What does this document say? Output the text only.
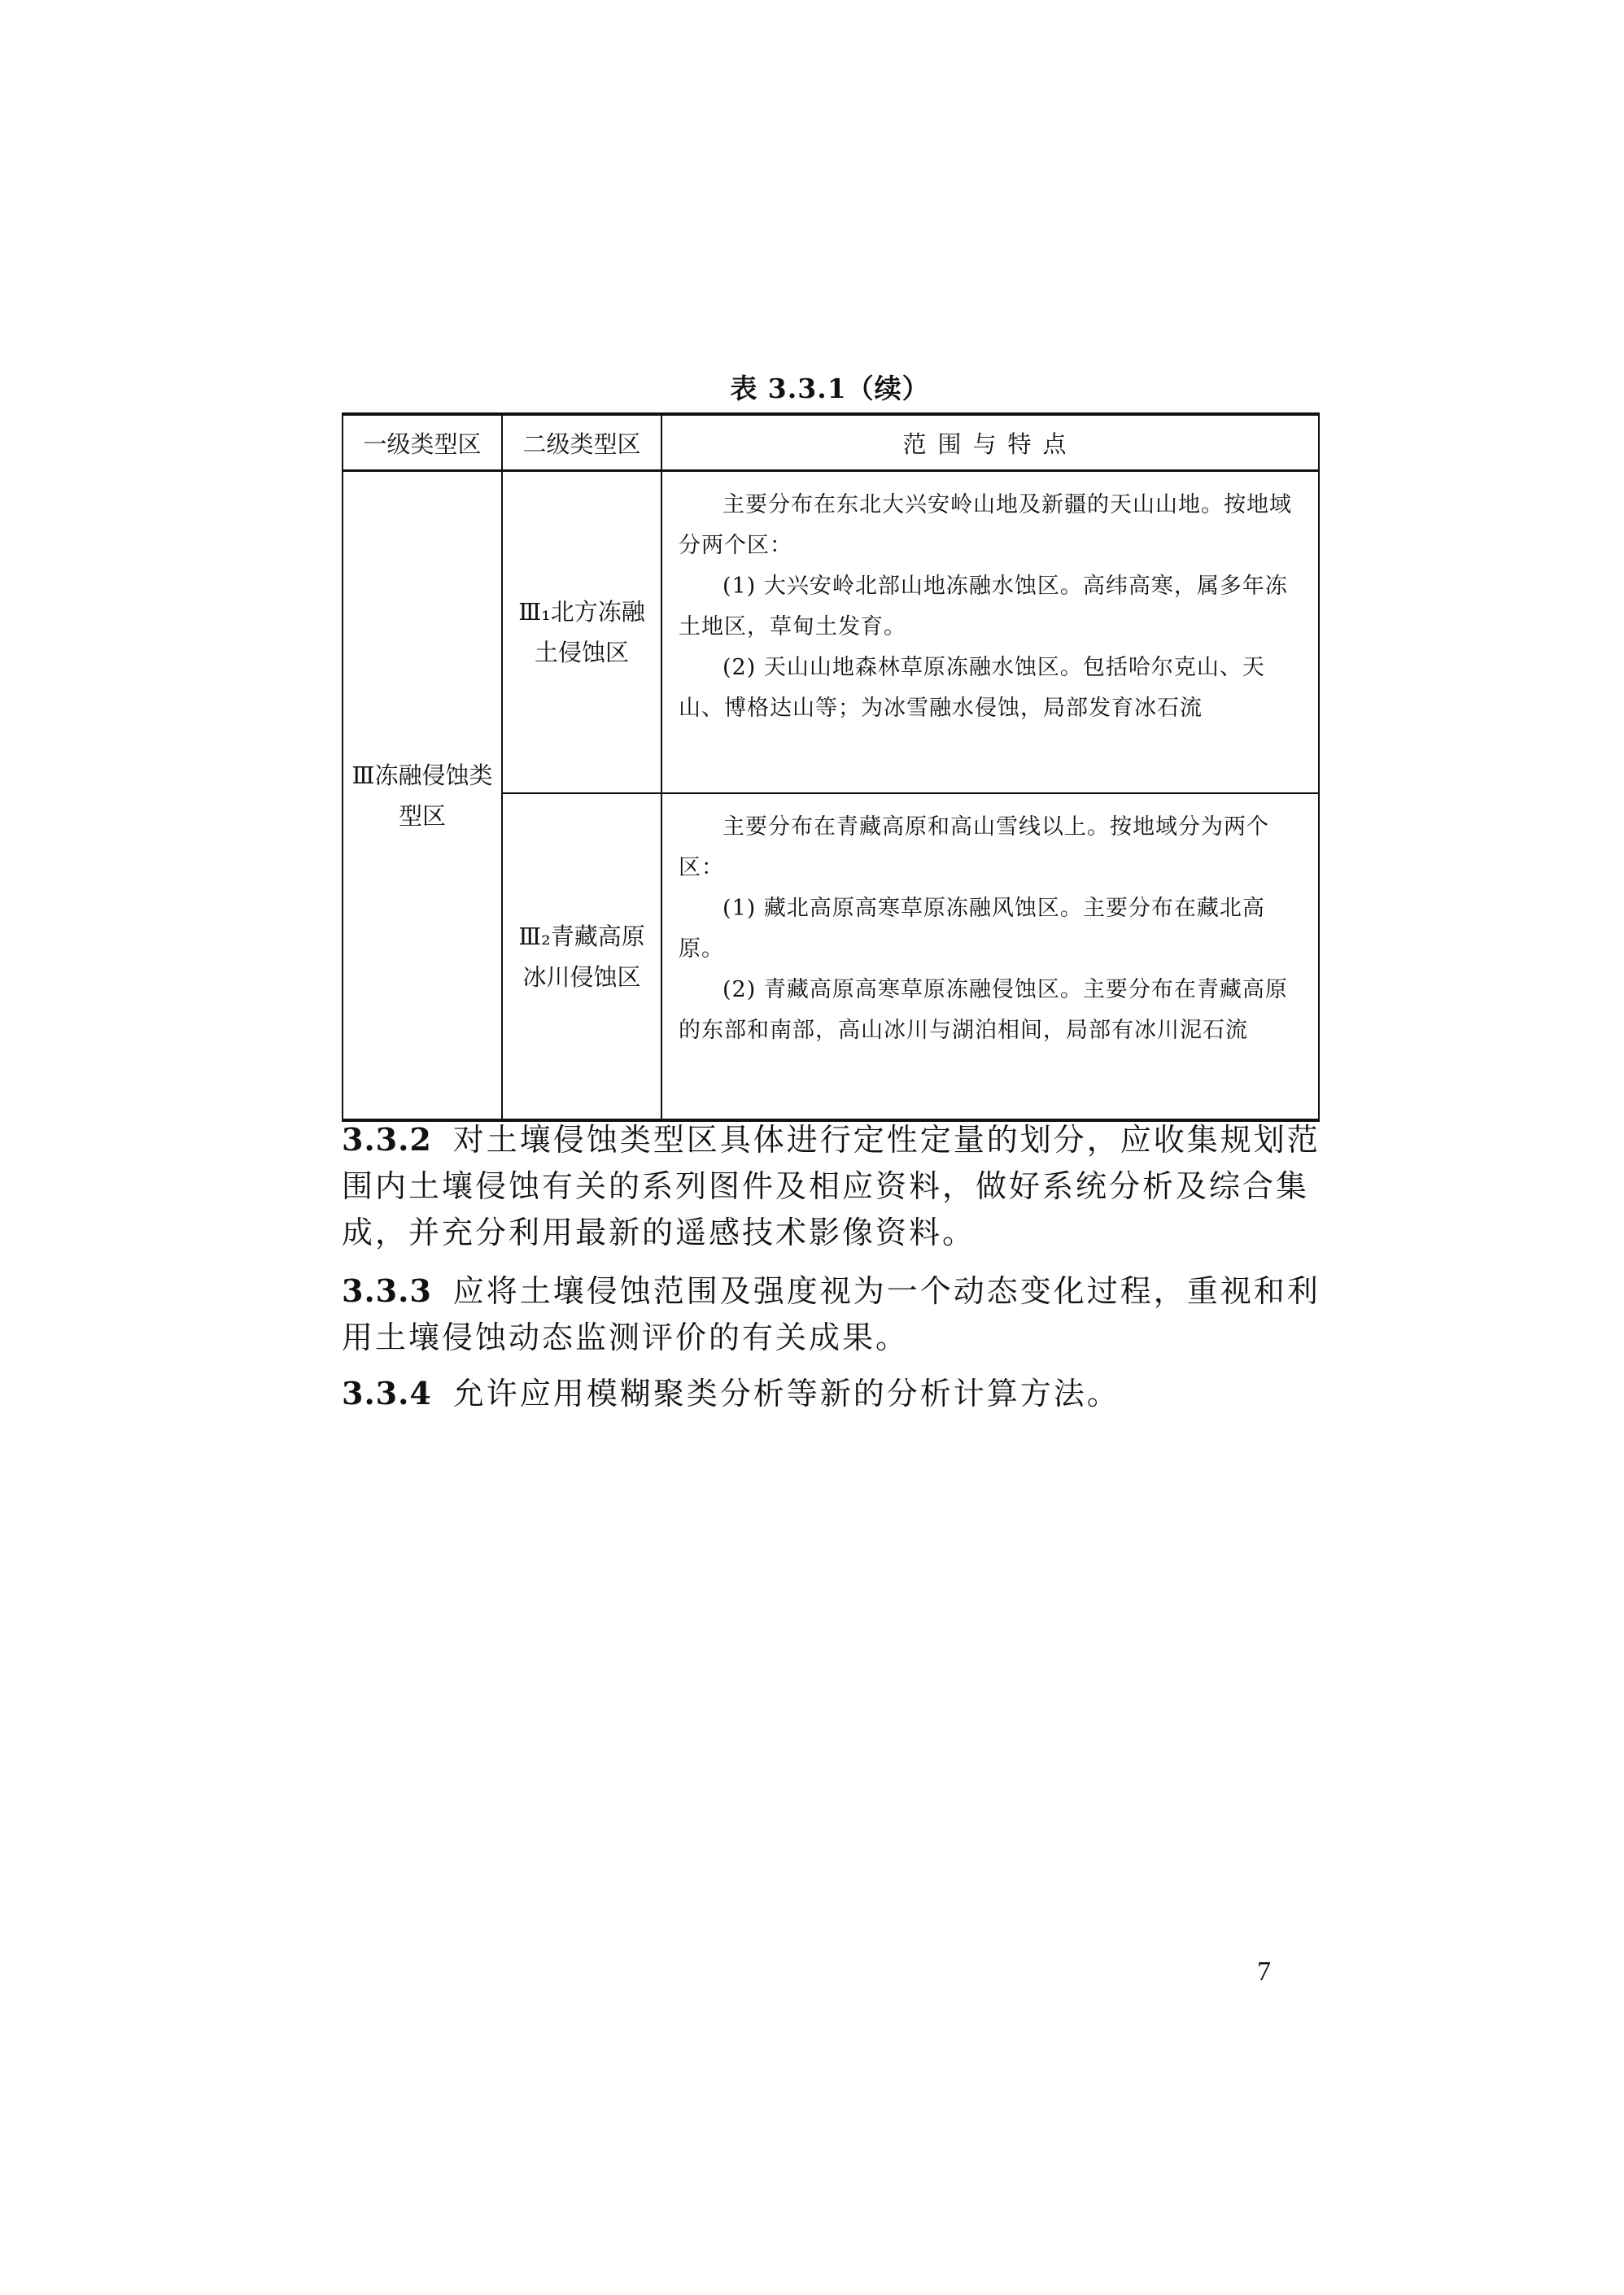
表 3.3.1（续）
一级类型区	二级类型区	范围与特点
Ⅲ冻融侵蚀类型区	Ⅲ₁北方冻融土侵蚀区	主要分布在东北大兴安岭山地及新疆的天山山地。按地域分两个区：

(1) 大兴安岭北部山地冻融水蚀区。高纬高寒，属多年冻土地区，草甸土发育。

(2) 天山山地森林草原冻融水蚀区。包括哈尔克山、天山、博格达山等；为冰雪融水侵蚀，局部发育冰石流

	Ⅲ₂青藏高原冰川侵蚀区	主要分布在青藏高原和高山雪线以上。按地域分为两个区：

(1) 藏北高原高寒草原冻融风蚀区。主要分布在藏北高原。

(2) 青藏高原高寒草原冻融侵蚀区。主要分布在青藏高原的东部和南部，高山冰川与湖泊相间，局部有冰川泥石流

3.3.2 对土壤侵蚀类型区具体进行定性定量的划分，应收集规划范围内土壤侵蚀有关的系列图件及相应资料，做好系统分析及综合集成，并充分利用最新的遥感技术影像资料。
3.3.3 应将土壤侵蚀范围及强度视为一个动态变化过程，重视和利用土壤侵蚀动态监测评价的有关成果。
3.3.4 允许应用模糊聚类分析等新的分析计算方法。
7
